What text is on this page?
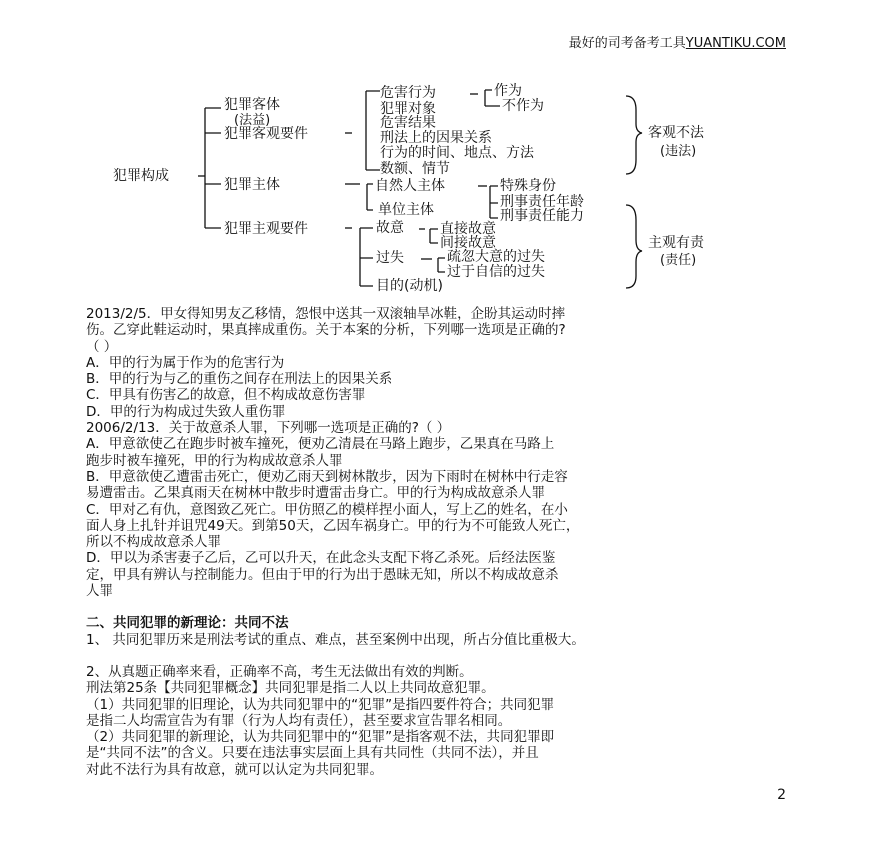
最好的司考备考工具YUANTIKU.COM
犯罪构成
犯罪客体
(法益)
犯罪客观要件
犯罪主体
犯罪主观要件
危害行为
犯罪对象
危害结果
刑法上的因果关系
行为的时间、地点、方法
数额、情节
作为
不作为
自然人主体	特殊身份
刑事责任年龄
刑事责任能力
单位主体
故意	直接故意
间接故意
过失	疏忽大意的过失
过于自信的过失
目的(动机)
客观不法
(违法)
主观有责
(责任)

2013/2/5．甲女得知男友乙移情，怨恨中送其一双滚轴旱冰鞋，企盼其运动时摔

伤。乙穿此鞋运动时，果真摔成重伤。关于本案的分析，下列哪一选项是正确的?

（ ）

A．甲的行为属于作为的危害行为

B．甲的行为与乙的重伤之间存在刑法上的因果关系

C．甲具有伤害乙的故意，但不构成故意伤害罪

D．甲的行为构成过失致人重伤罪

2006/2/13．关于故意杀人罪，下列哪一选项是正确的?（ ）

A．甲意欲使乙在跑步时被车撞死，便劝乙清晨在马路上跑步，乙果真在马路上

跑步时被车撞死，甲的行为构成故意杀人罪

B．甲意欲使乙遭雷击死亡，便劝乙雨天到树林散步，因为下雨时在树林中行走容

易遭雷击。乙果真雨天在树林中散步时遭雷击身亡。甲的行为构成故意杀人罪

C．甲对乙有仇，意图致乙死亡。甲仿照乙的模样捏小面人，写上乙的姓名，在小

面人身上扎针并诅咒49天。到第50天，乙因车祸身亡。甲的行为不可能致人死亡，

所以不构成故意杀人罪

D．甲以为杀害妻子乙后，乙可以升天，在此念头支配下将乙杀死。后经法医鉴

定，甲具有辨认与控制能力。但由于甲的行为出于愚昧无知，所以不构成故意杀

人罪

二、共同犯罪的新理论：共同不法

1、 共同犯罪历来是刑法考试的重点、难点，甚至案例中出现，所占分值比重极大。

2、从真题正确率来看，正确率不高，考生无法做出有效的判断。

刑法第25条【共同犯罪概念】共同犯罪是指二人以上共同故意犯罪。

（1）共同犯罪的旧理论，认为共同犯罪中的“犯罪”是指四要件符合；共同犯罪

是指二人均需宣告为有罪（行为人均有责任），甚至要求宣告罪名相同。

（2）共同犯罪的新理论，认为共同犯罪中的“犯罪”是指客观不法，共同犯罪即

是“共同不法”的含义。只要在违法事实层面上具有共同性（共同不法），并且

对此不法行为具有故意，就可以认定为共同犯罪。

2
